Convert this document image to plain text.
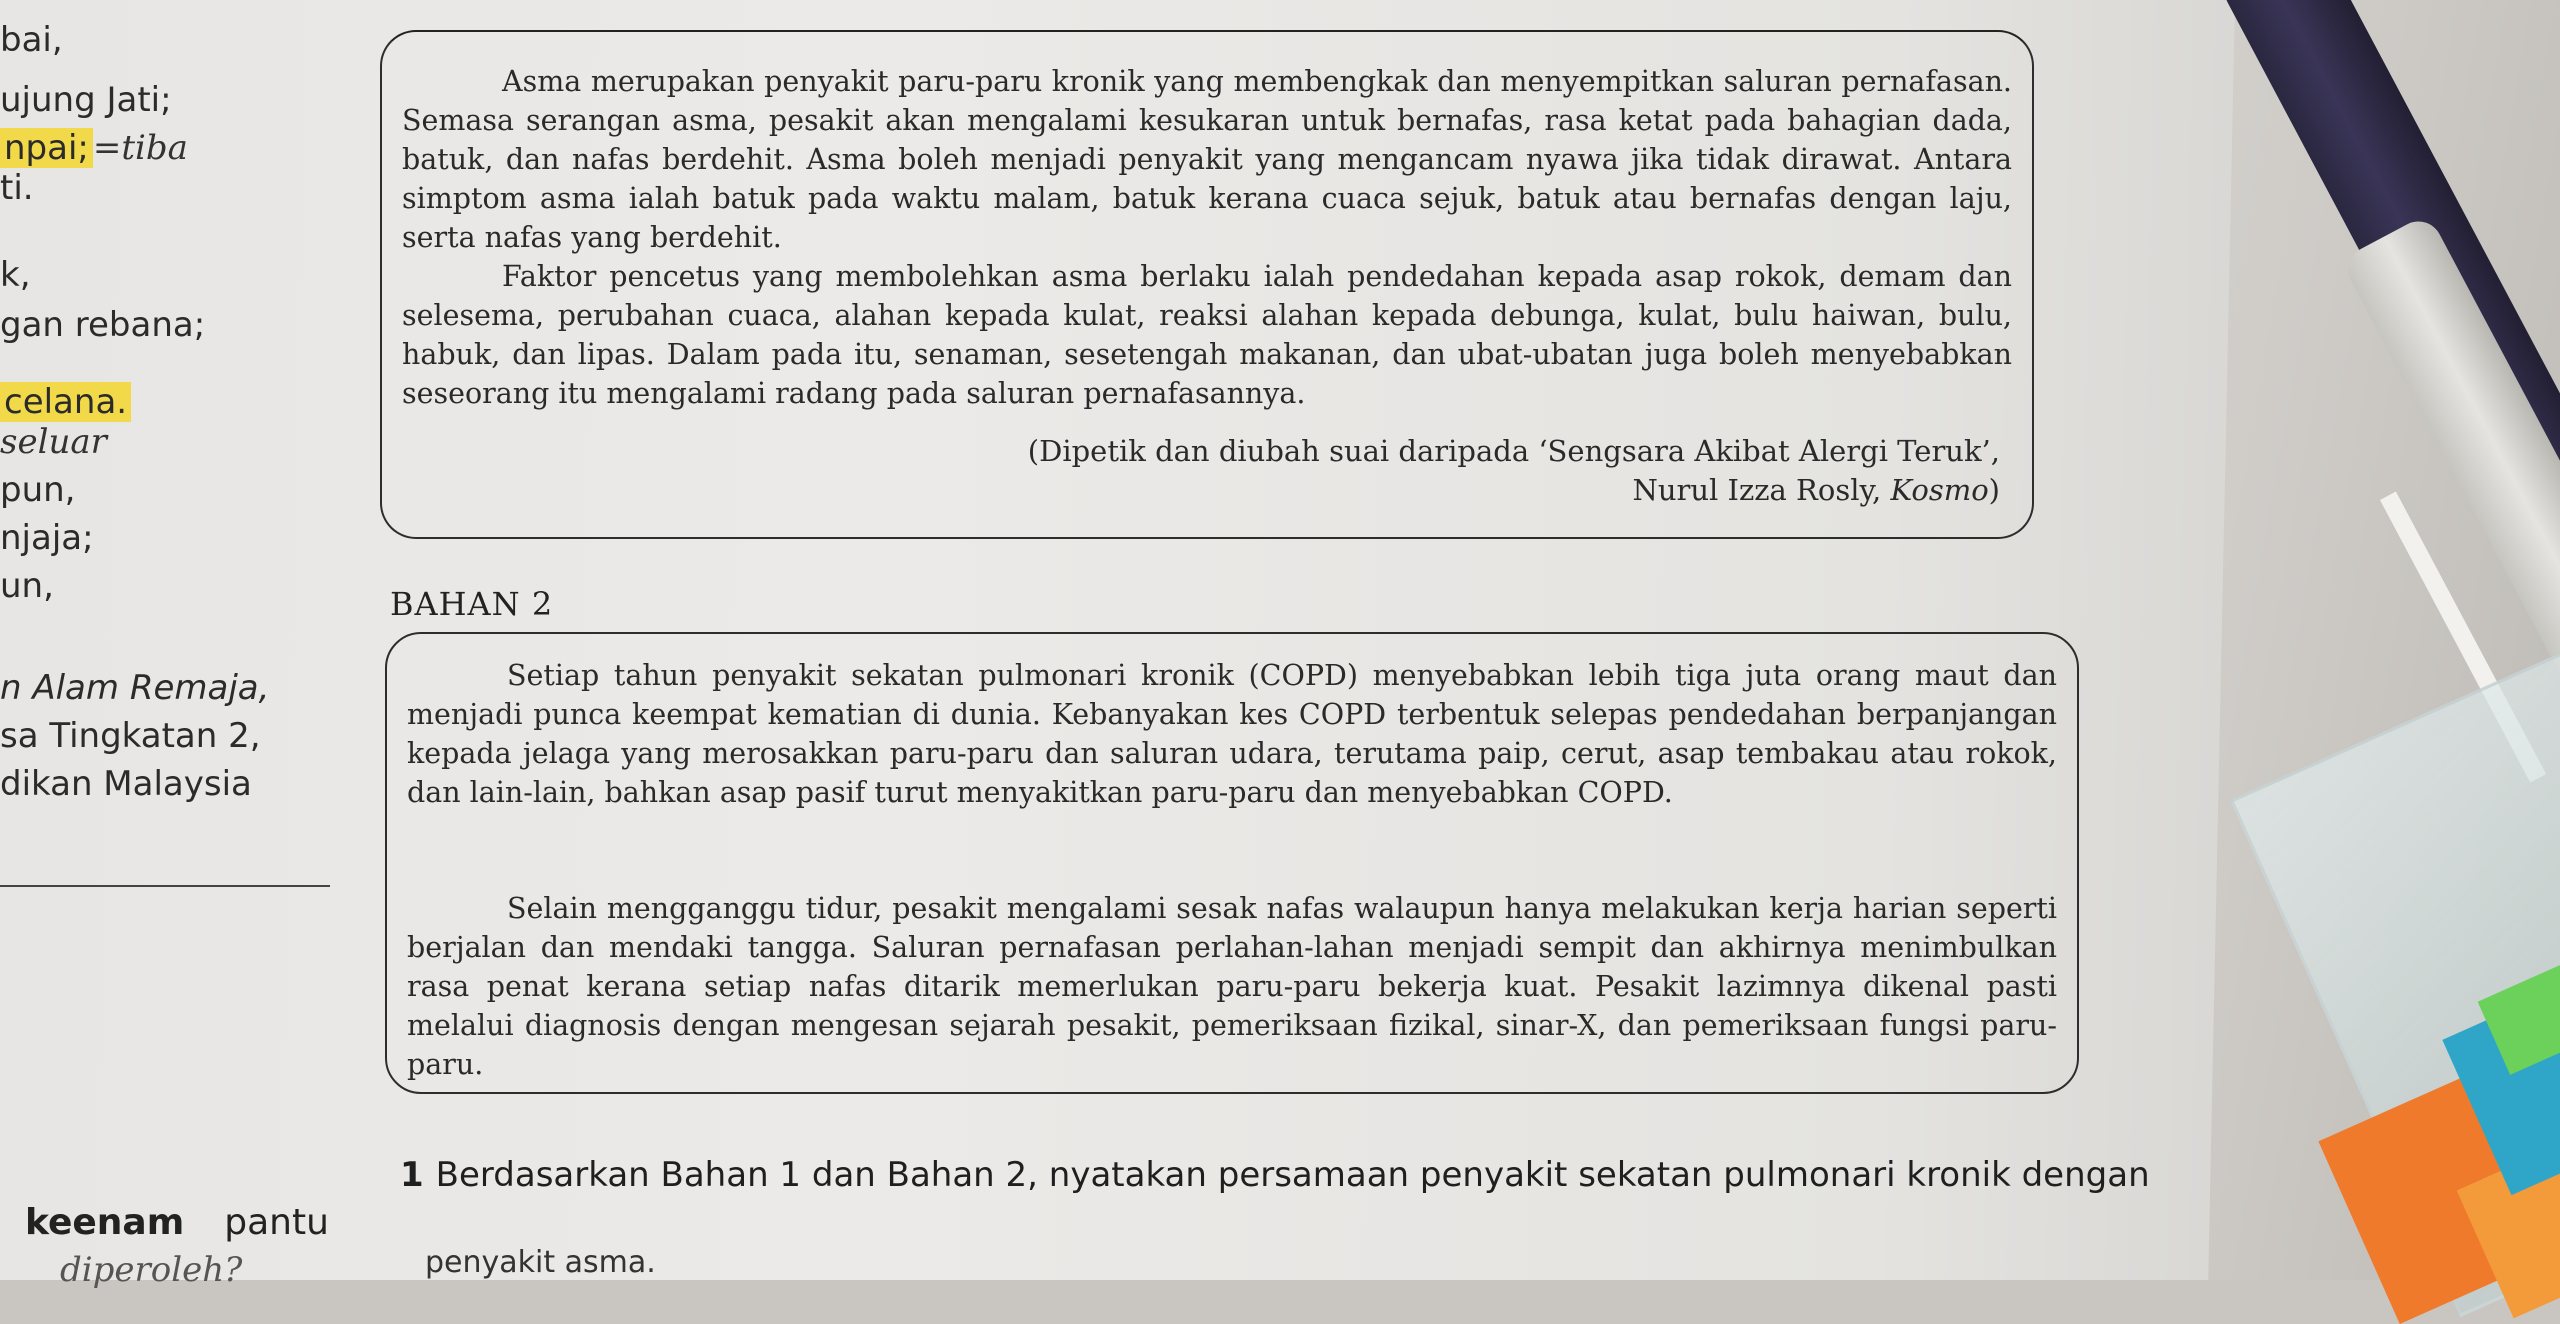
bai,
ujung Jati;
npai; =tiba
ti.
k,
gan rebana;
celana.
seluar
pun,
njaja;
un,
n Alam Remaja,
sa Tingkatan 2,
dikan Malaysia
Asma merupakan penyakit paru-paru kronik yang membengkak dan menyempitkan saluran pernafasan. Semasa serangan asma, pesakit akan mengalami kesukaran untuk bernafas, rasa ketat pada bahagian dada, batuk, dan nafas berdehit. Asma boleh menjadi penyakit yang mengancam nyawa jika tidak dirawat. Antara simptom asma ialah batuk pada waktu malam, batuk kerana cuaca sejuk, batuk atau bernafas dengan laju, serta nafas yang berdehit.
Faktor pencetus yang membolehkan asma berlaku ialah pendedahan kepada asap rokok, demam dan selesema, perubahan cuaca, alahan kepada kulat, reaksi alahan kepada debunga, kulat, bulu haiwan, bulu, habuk, dan lipas. Dalam pada itu, senaman, sesetengah makanan, dan ubat-ubatan juga boleh menyebabkan seseorang itu mengalami radang pada saluran pernafasannya.
(Dipetik dan diubah suai daripada ‘Sengsara Akibat Alergi Teruk’,
Nurul Izza Rosly, Kosmo)
BAHAN 2
Setiap tahun penyakit sekatan pulmonari kronik (COPD) menyebabkan lebih tiga juta orang maut dan menjadi punca keempat kematian di dunia. Kebanyakan kes COPD terbentuk selepas pendedahan berpanjangan kepada jelaga yang merosakkan paru-paru dan saluran udara, terutama paip, cerut, asap tembakau atau rokok, dan lain-lain, bahkan asap pasif turut menyakitkan paru-paru dan menyebabkan COPD.
Selain mengganggu tidur, pesakit mengalami sesak nafas walaupun hanya melakukan kerja harian seperti berjalan dan mendaki tangga. Saluran pernafasan perlahan-lahan menjadi sempit dan akhirnya menimbulkan rasa penat kerana setiap nafas ditarik memerlukan paru-paru bekerja kuat. Pesakit lazimnya dikenal pasti melalui diagnosis dengan mengesan sejarah pesakit, pemeriksaan fizikal, sinar-X, dan pemeriksaan fungsi paru-paru.
1 Berdasarkan Bahan 1 dan Bahan 2, nyatakan persamaan penyakit sekatan pulmonari kronik dengan
penyakit asma.
keenam pantu
diperoleh?
